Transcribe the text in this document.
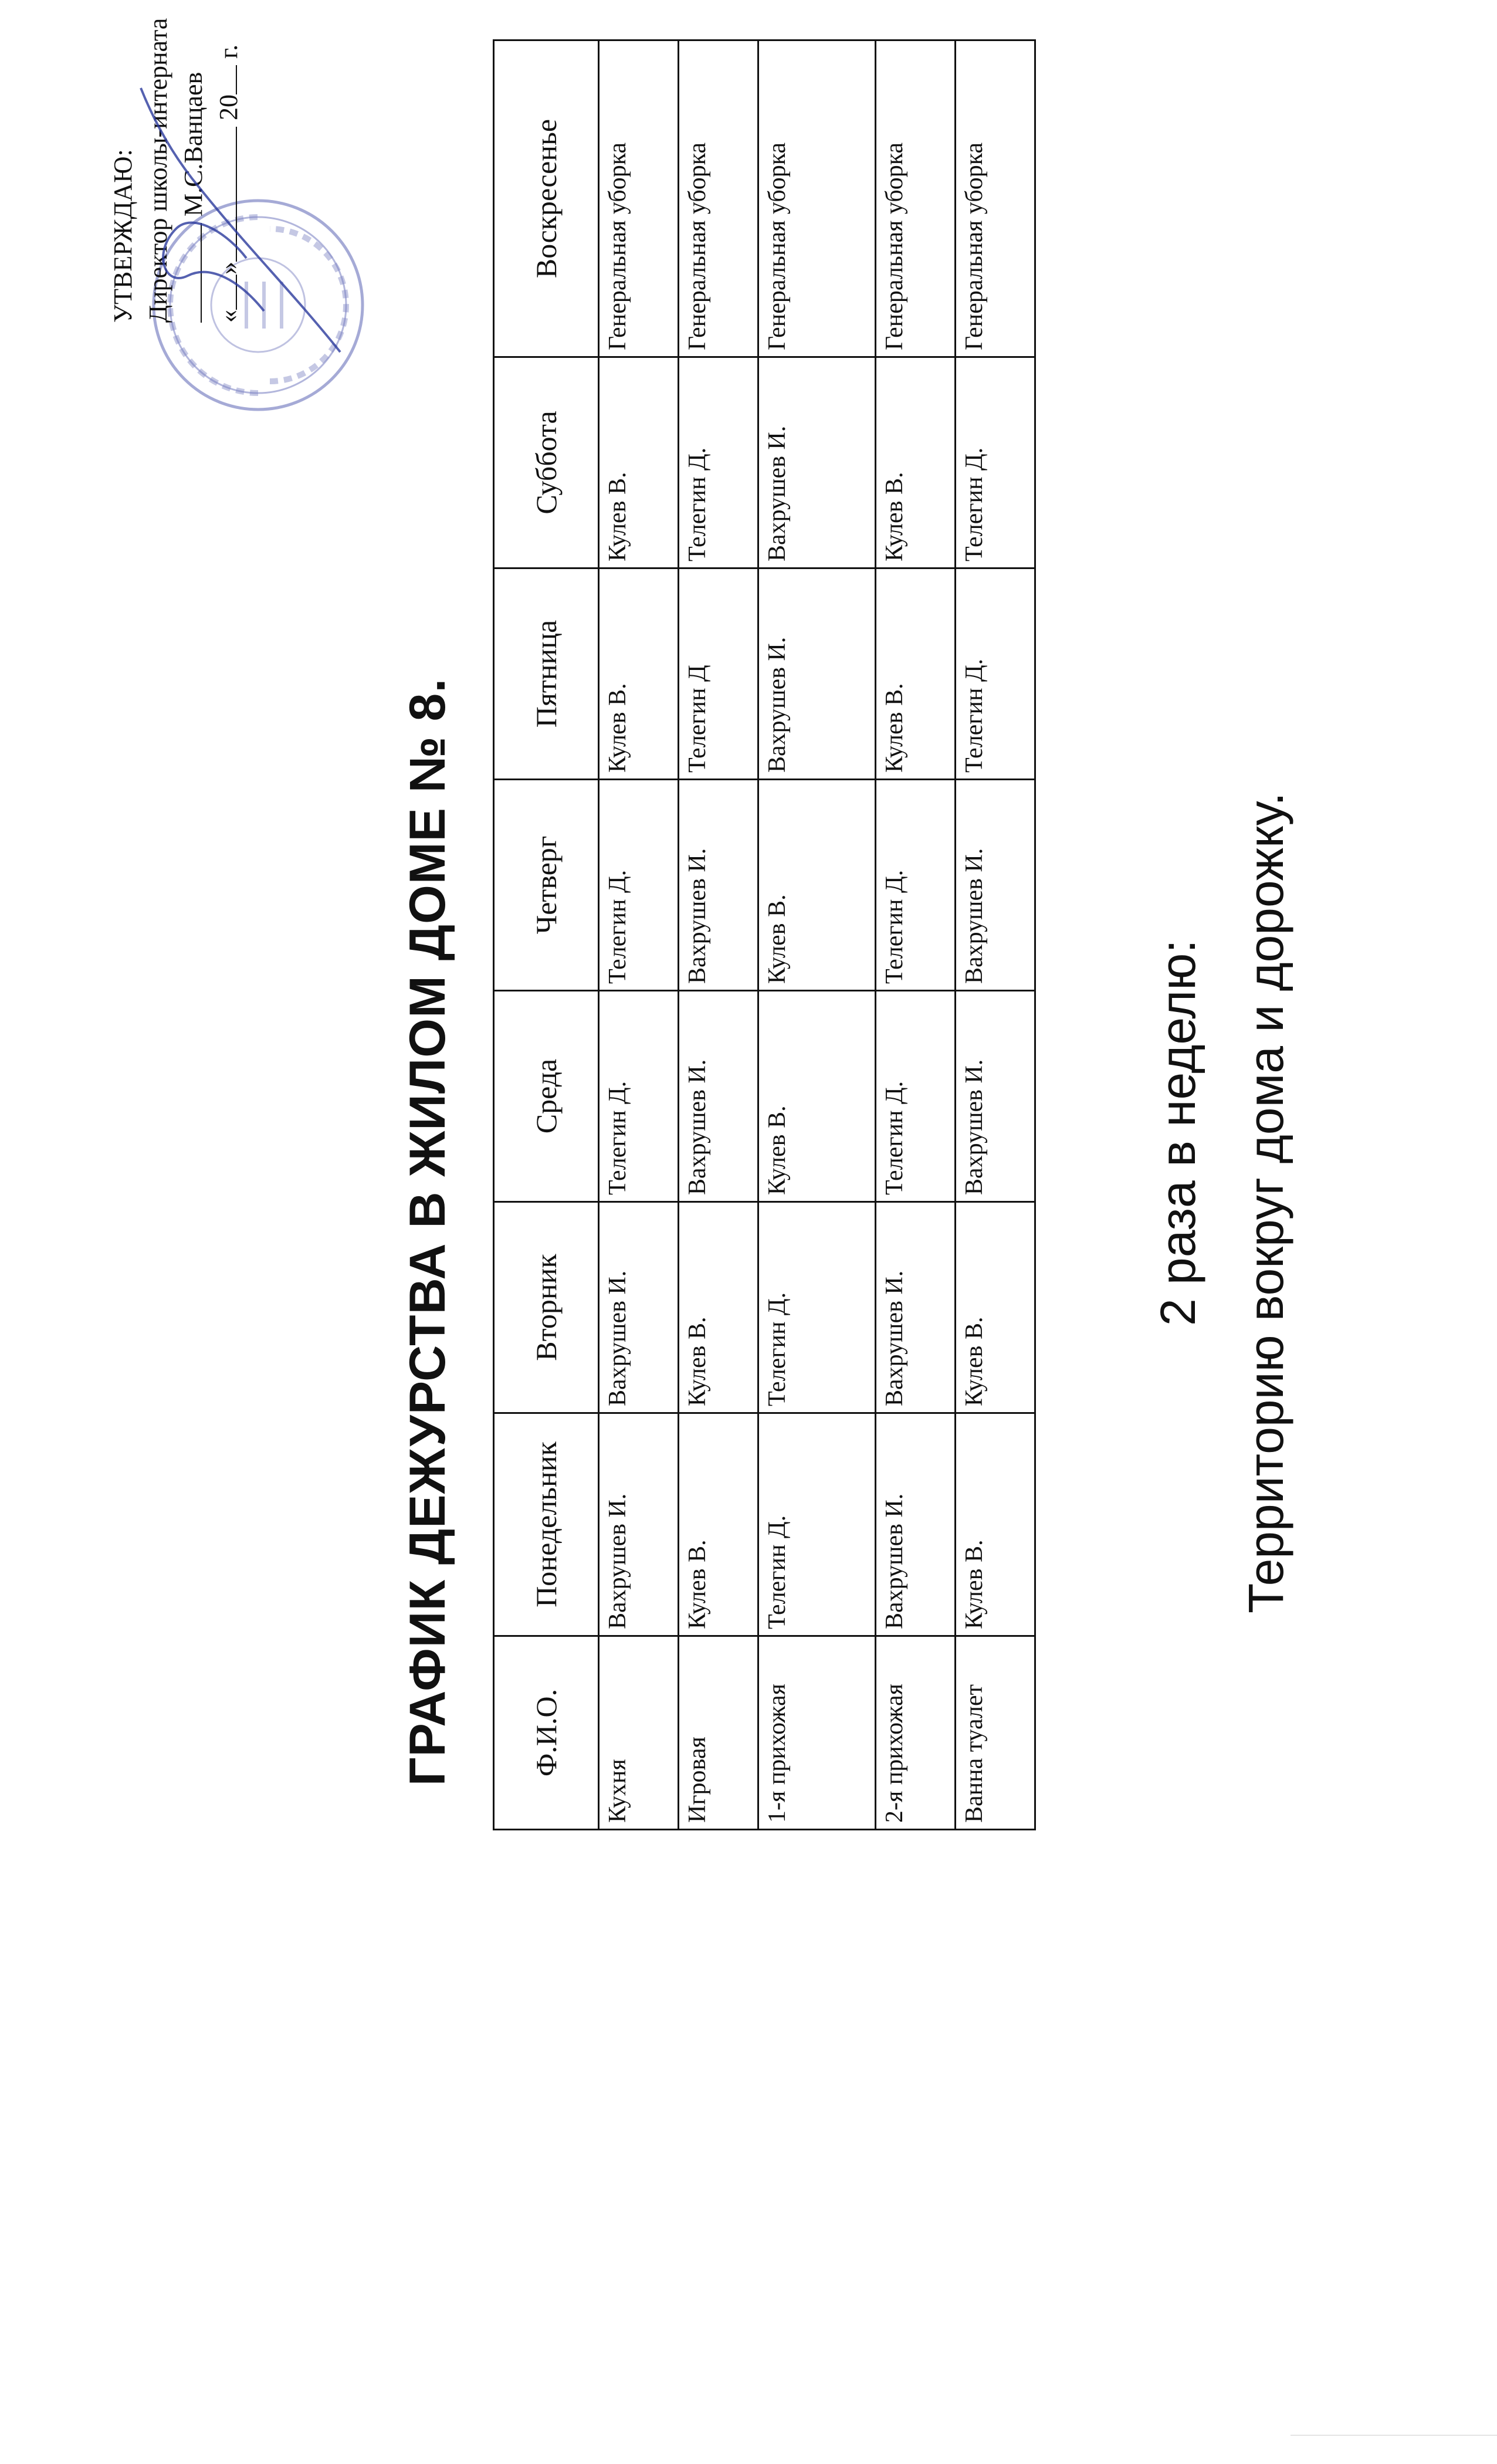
УТВЕРЖДАЮ: Директор школы-интерната М.С.Ванцаев
«» 20 г.
ГРАФИК ДЕЖУРСТВА В ЖИЛОМ ДОМЕ № 8.	Ф.И.О.	Понедельник	Вторник	Среда	Четверг	Пятница	Суббота	Воскресенье
Кухня	Вахрушев И.	Вахрушев И.	Телегин Д.	Телегин Д.	Кулев В.	Кулев В.	Генеральная уборка
Игровая	Кулев В.	Кулев В.	Вахрушев И.	Вахрушев И.	Телегин Д	Телегин Д.	Генеральная уборка
1-я прихожая	Телегин Д.	Телегин Д.	Кулев В.	Кулев В.	Вахрушев И.	Вахрушев И.	Генеральная уборка
2-я прихожая	Вахрушев И.	Вахрушев И.	Телегин Д.	Телегин Д.	Кулев В.	Кулев В.	Генеральная уборка
Ванна туалет	Кулев В.	Кулев В.	Вахрушев И.	Вахрушев И.	Телегин Д.	Телегин Д.	Генеральная уборка
2 раза в неделю: Территорию вокруг дома и дорожку.
